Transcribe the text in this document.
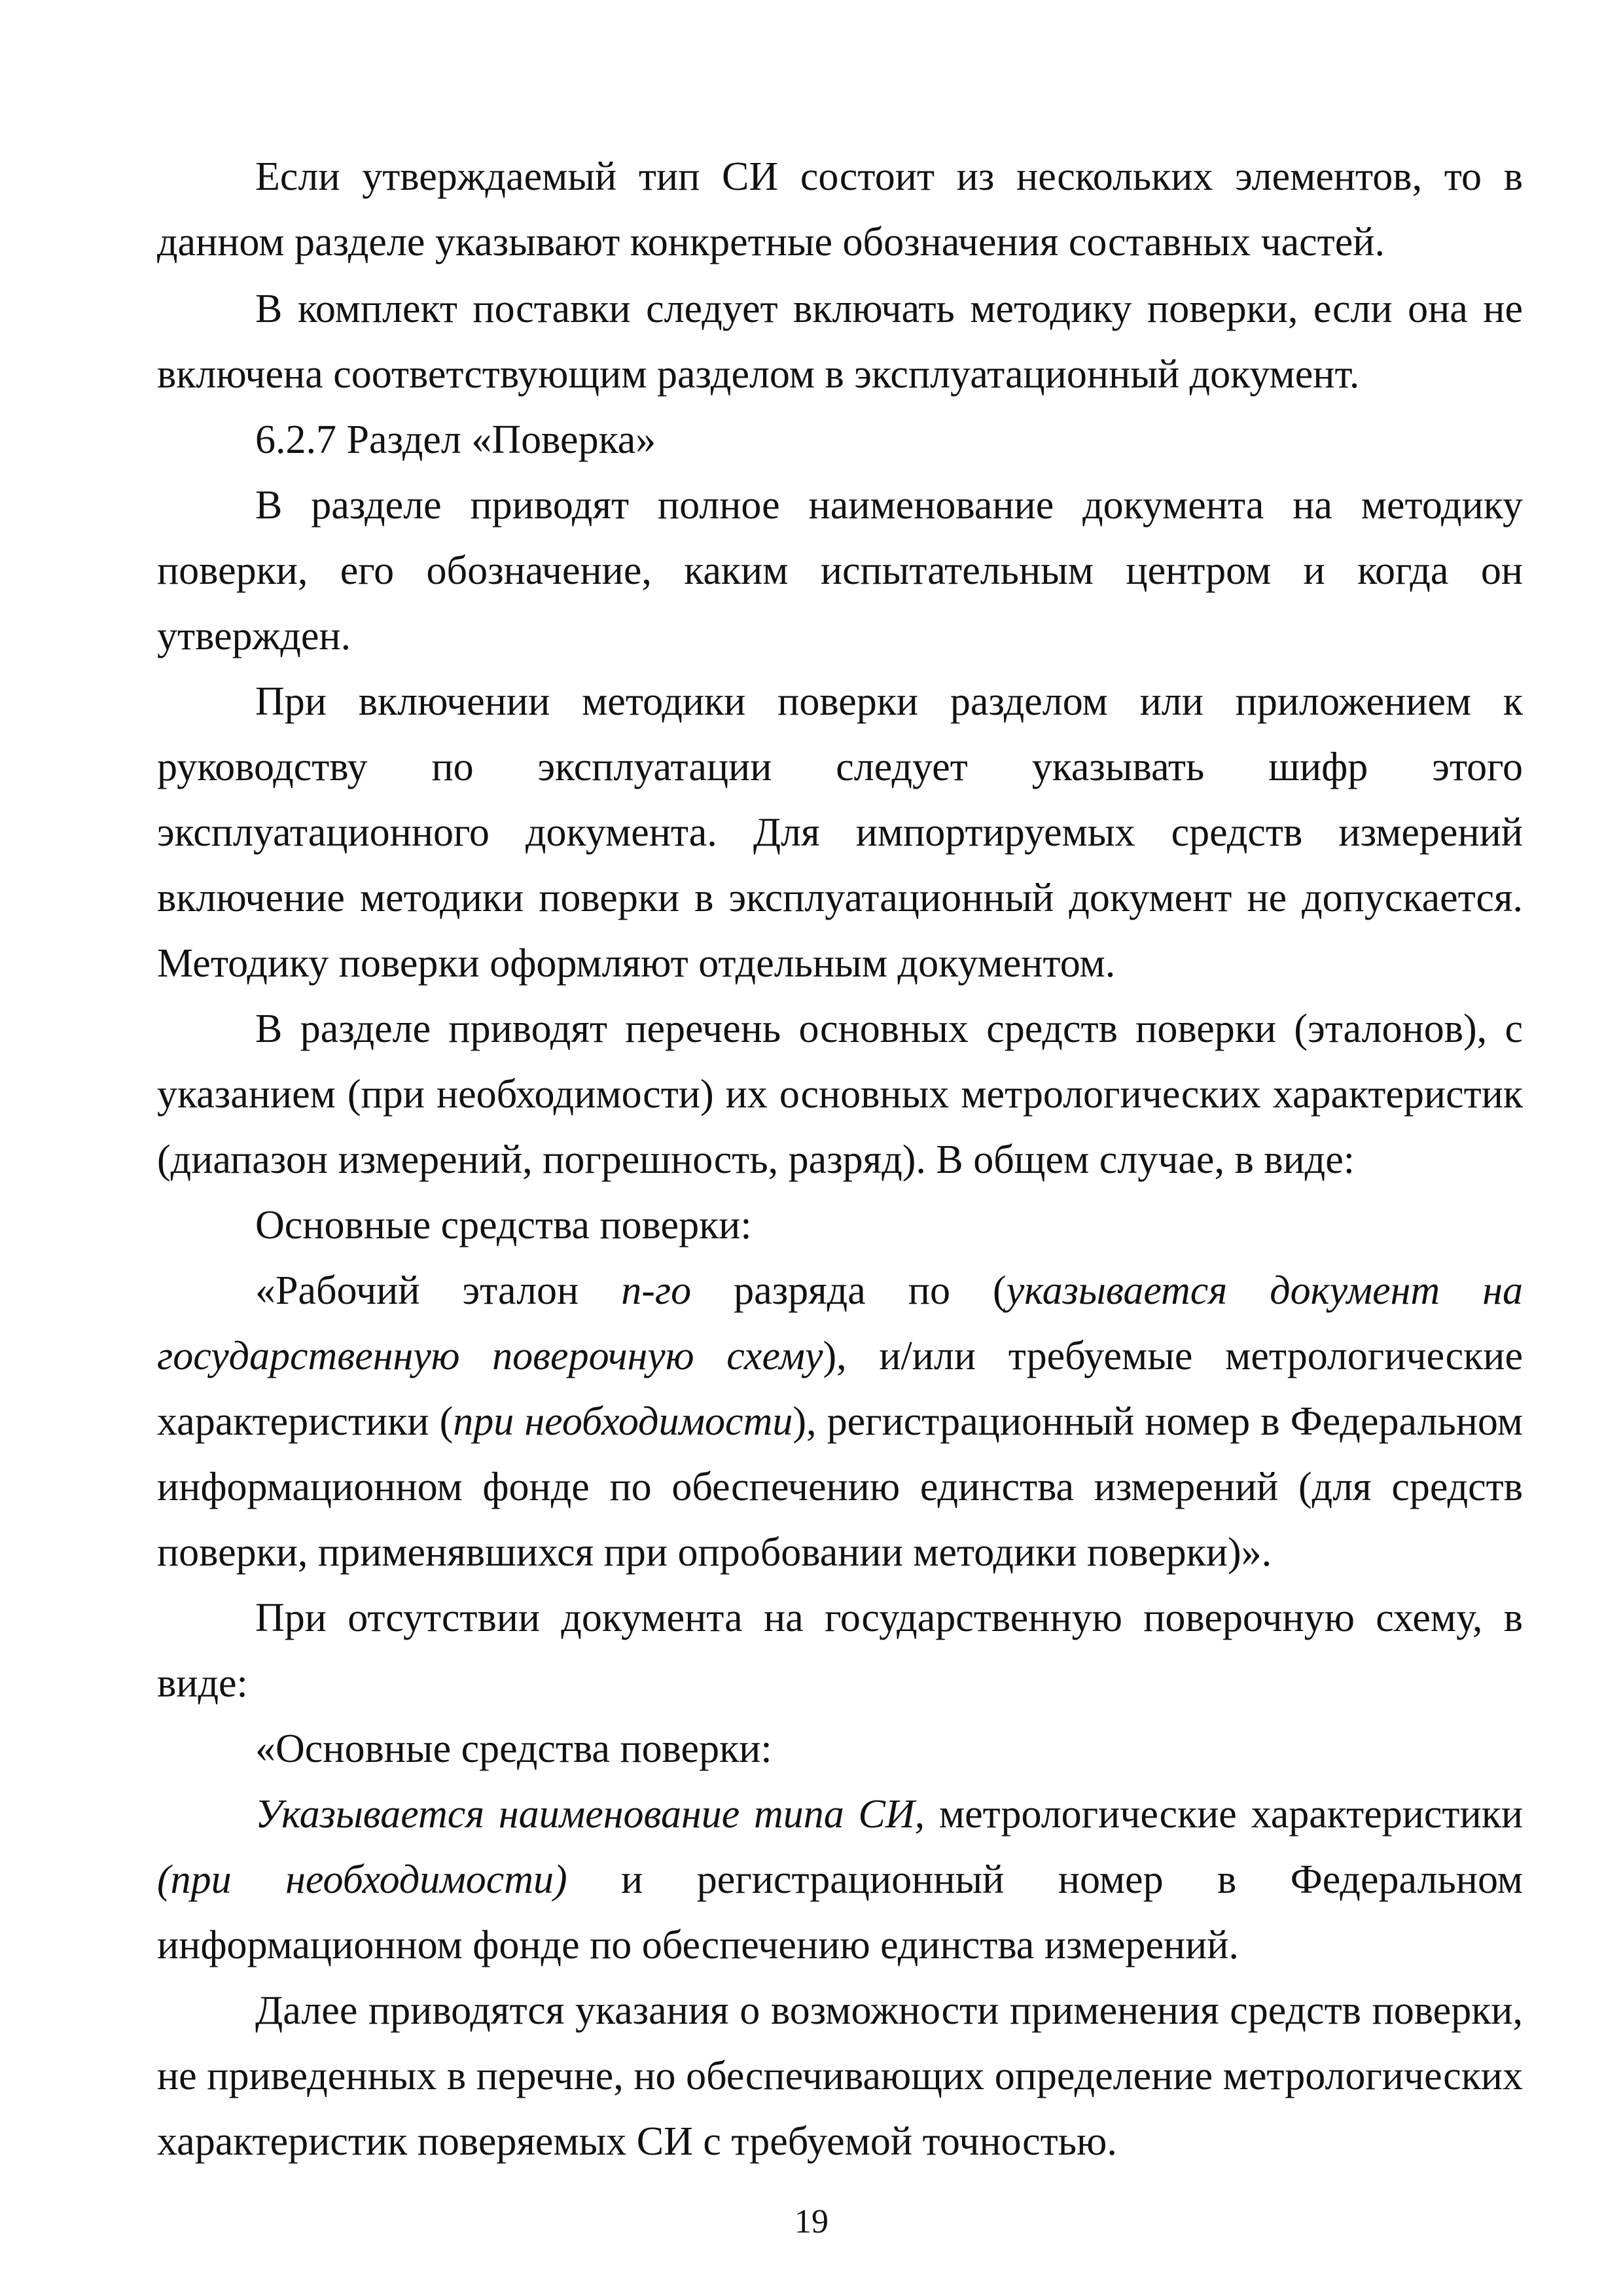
Если утверждаемый тип СИ состоит из нескольких элементов, то в данном разделе указывают конкретные обозначения составных частей.

В комплект поставки следует включать методику поверки, если она не включена соответствующим разделом в эксплуатационный документ.

6.2.7 Раздел «Поверка»

В разделе приводят полное наименование документа на методику поверки, его обозначение, каким испытательным центром и когда он утвержден.

При включении методики поверки разделом или приложением к руководству по эксплуатации следует указывать шифр этого эксплуатационного документа. Для импортируемых средств измерений включение методики поверки в эксплуатационный документ не допускается. Методику поверки оформляют отдельным документом.

В разделе приводят перечень основных средств поверки (эталонов), с указанием (при необходимости) их основных метрологических характеристик (диапазон измерений, погрешность, разряд). В общем случае, в виде:

Основные средства поверки:

«Рабочий эталон n-го разряда по (указывается документ на государственную поверочную схему), и/или требуемые метрологические характеристики (при необходимости), регистрационный номер в Федеральном информационном фонде по обеспечению единства измерений (для средств поверки, применявшихся при опробовании методики поверки)».

При отсутствии документа на государственную поверочную схему, в виде:

«Основные средства поверки:

Указывается наименование типа СИ, метрологические характеристики (при необходимости) и регистрационный номер в Федеральном информационном фонде по обеспечению единства измерений.

Далее приводятся указания о возможности применения средств поверки, не приведенных в перечне, но обеспечивающих определение метрологических характеристик поверяемых СИ с требуемой точностью.

19
